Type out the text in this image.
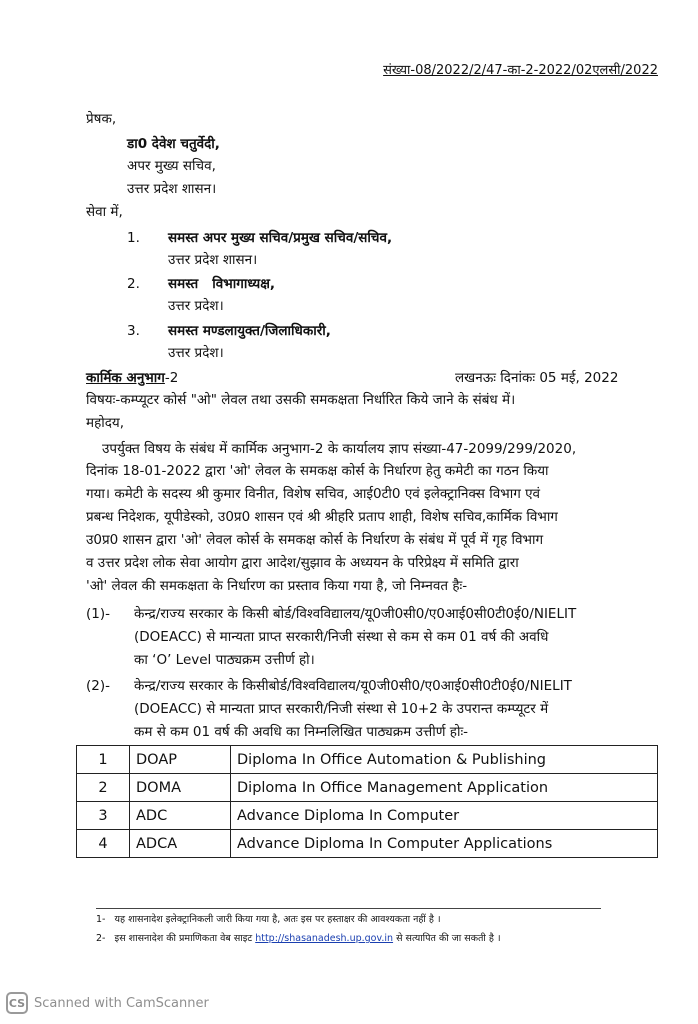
संख्या-08/2022/2/47-का-2-2022/02एलसी/2022
प्रेषक,
डा0 देवेश चतुर्वेदी,
अपर मुख्य सचिव,
उत्तर प्रदेश शासन।
सेवा में,
1. समस्त अपर मुख्य सचिव/प्रमुख सचिव/सचिव,
उत्तर प्रदेश शासन।
2. समस्त   विभागाध्यक्ष,
उत्तर प्रदेश।
3. समस्त मण्डलायुक्त/जिलाधिकारी,
उत्तर प्रदेश।
कार्मिक अनुभाग-2	लखनऊः दिनांकः 05 मई, 2022
विषयः-कम्प्यूटर कोर्स "ओ" लेवल तथा उसकी समकक्षता निर्धारित किये जाने के संबंध में।
महोदय,
उपर्युक्त विषय के संबंध में कार्मिक अनुभाग-2 के कार्यालय ज्ञाप संख्या-47-2099/299/2020,
दिनांक 18-01-2022 द्वारा 'ओ' लेवल के समकक्ष कोर्स के निर्धारण हेतु कमेटी का गठन किया
गया। कमेटी के सदस्य श्री कुमार विनीत, विशेष सचिव, आई0टी0 एवं इलेक्ट्रानिक्स विभाग एवं
प्रबन्ध निदेशक, यूपीडेस्को, उ0प्र0 शासन एवं श्री श्रीहरि प्रताप शाही, विशेष सचिव,कार्मिक विभाग
उ0प्र0 शासन द्वारा 'ओ' लेवल कोर्स के समकक्ष कोर्स के निर्धारण के संबंध में पूर्व में गृह विभाग
व उत्तर प्रदेश लोक सेवा आयोग द्वारा आदेश/सुझाव के अध्ययन के परिप्रेक्ष्य में समिति द्वारा
'ओ' लेवल की समकक्षता के निर्धारण का प्रस्ताव किया गया है, जो निम्नवत हैः-
(1)- केन्द्र/राज्य सरकार के किसी बोर्ड/विश्वविद्यालय/यू0जी0सी0/ए0आई0सी0टी0ई0/NIELIT
(DOEACC) से मान्यता प्राप्त सरकारी/निजी संस्था से कम से कम 01 वर्ष की अवधि
का ‘O’ Level पाठ्यक्रम उत्तीर्ण हो।
(2)- केन्द्र/राज्य सरकार के किसीबोर्ड/विश्वविद्यालय/यू0जी0सी0/ए0आई0सी0टी0ई0/NIELIT
(DOEACC) से मान्यता प्राप्त सरकारी/निजी संस्था से 10+2 के उपरान्त कम्प्यूटर में
कम से कम 01 वर्ष की अवधि का निम्नलिखित पाठ्यक्रम उत्तीर्ण होः-
1	DOAP	Diploma In Office Automation & Publishing
2	DOMA	Diploma In Office Management Application
3	ADC	Advance Diploma In Computer
4	ADCA	Advance Diploma In Computer Applications
1- यह शासनादेश इलेक्ट्रानिकली जारी किया गया है, अतः इस पर हस्ताक्षर की आवश्यकता नहीं है ।
2- इस शासनादेश की प्रमाणिकता वेब साइट http://shasanadesh.up.gov.in से सत्यापित की जा सकती है ।
CS Scanned with CamScanner
